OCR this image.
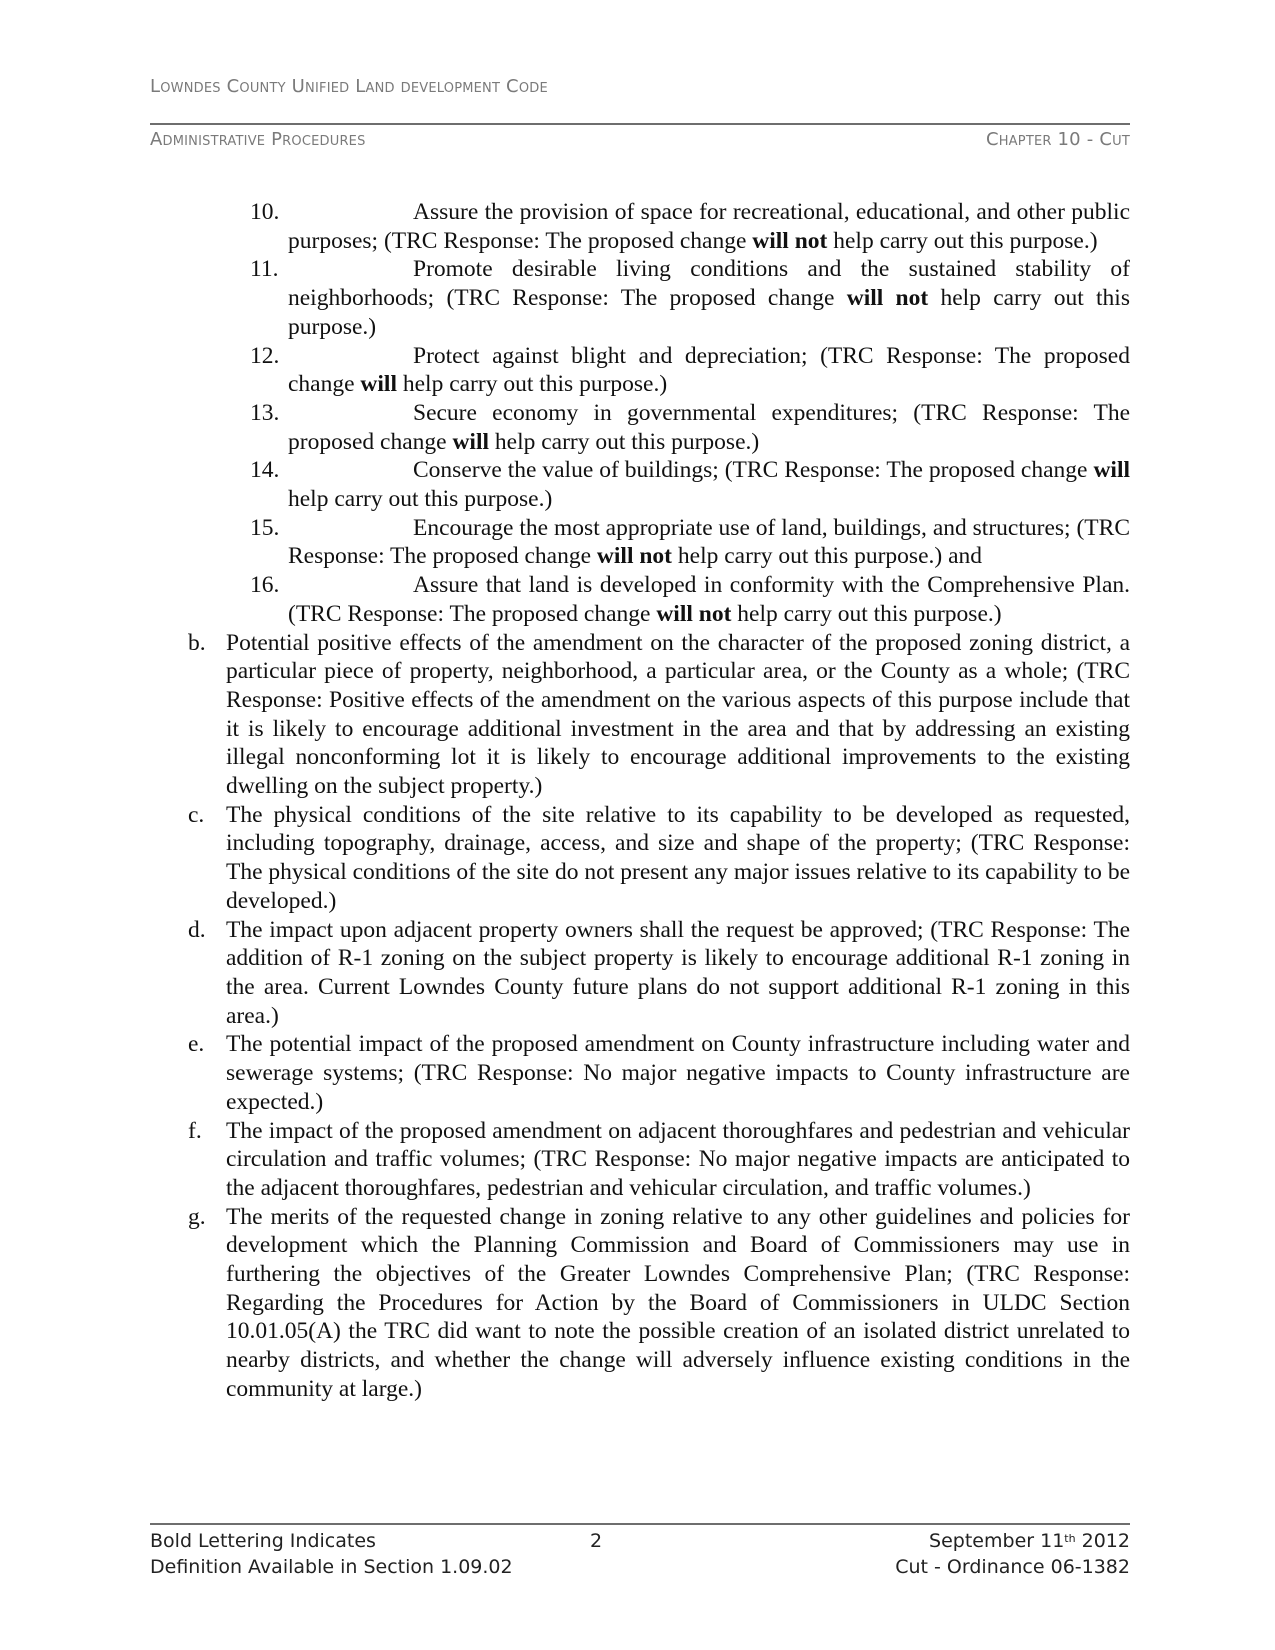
Lowndes County Unified Land development Code
Administrative Procedures	Chapter 10 - Cut
10.	Assure the provision of space for recreational, educational, and other public purposes; (TRC Response: The proposed change will not help carry out this purpose.)
11.	Promote desirable living conditions and the sustained stability of neighborhoods; (TRC Response: The proposed change will not help carry out this purpose.)
12.	Protect against blight and depreciation; (TRC Response: The proposed change will help carry out this purpose.)
13.	Secure economy in governmental expenditures; (TRC Response: The proposed change will help carry out this purpose.)
14.	Conserve the value of buildings; (TRC Response: The proposed change will help carry out this purpose.)
15.	Encourage the most appropriate use of land, buildings, and structures; (TRC Response: The proposed change will not help carry out this purpose.) and
16.	Assure that land is developed in conformity with the Comprehensive Plan. (TRC Response: The proposed change will not help carry out this purpose.)
b. Potential positive effects of the amendment on the character of the proposed zoning district, a particular piece of property, neighborhood, a particular area, or the County as a whole; (TRC Response: Positive effects of the amendment on the various aspects of this purpose include that it is likely to encourage additional investment in the area and that by addressing an existing illegal nonconforming lot it is likely to encourage additional improvements to the existing dwelling on the subject property.)
c. The physical conditions of the site relative to its capability to be developed as requested, including topography, drainage, access, and size and shape of the property; (TRC Response: The physical conditions of the site do not present any major issues relative to its capability to be developed.)
d. The impact upon adjacent property owners shall the request be approved; (TRC Response: The addition of R-1 zoning on the subject property is likely to encourage additional R-1 zoning in the area. Current Lowndes County future plans do not support additional R-1 zoning in this area.)
e. The potential impact of the proposed amendment on County infrastructure including water and sewerage systems; (TRC Response: No major negative impacts to County infrastructure are expected.)
f. The impact of the proposed amendment on adjacent thoroughfares and pedestrian and vehicular circulation and traffic volumes; (TRC Response: No major negative impacts are anticipated to the adjacent thoroughfares, pedestrian and vehicular circulation, and traffic volumes.)
g. The merits of the requested change in zoning relative to any other guidelines and policies for development which the Planning Commission and Board of Commissioners may use in furthering the objectives of the Greater Lowndes Comprehensive Plan; (TRC Response: Regarding the Procedures for Action by the Board of Commissioners in ULDC Section 10.01.05(A) the TRC did want to note the possible creation of an isolated district unrelated to nearby districts, and whether the change will adversely influence existing conditions in the community at large.)
Bold Lettering Indicates
Definition Available in Section 1.09.02
2	September 11th 2012
Cut - Ordinance 06-1382
